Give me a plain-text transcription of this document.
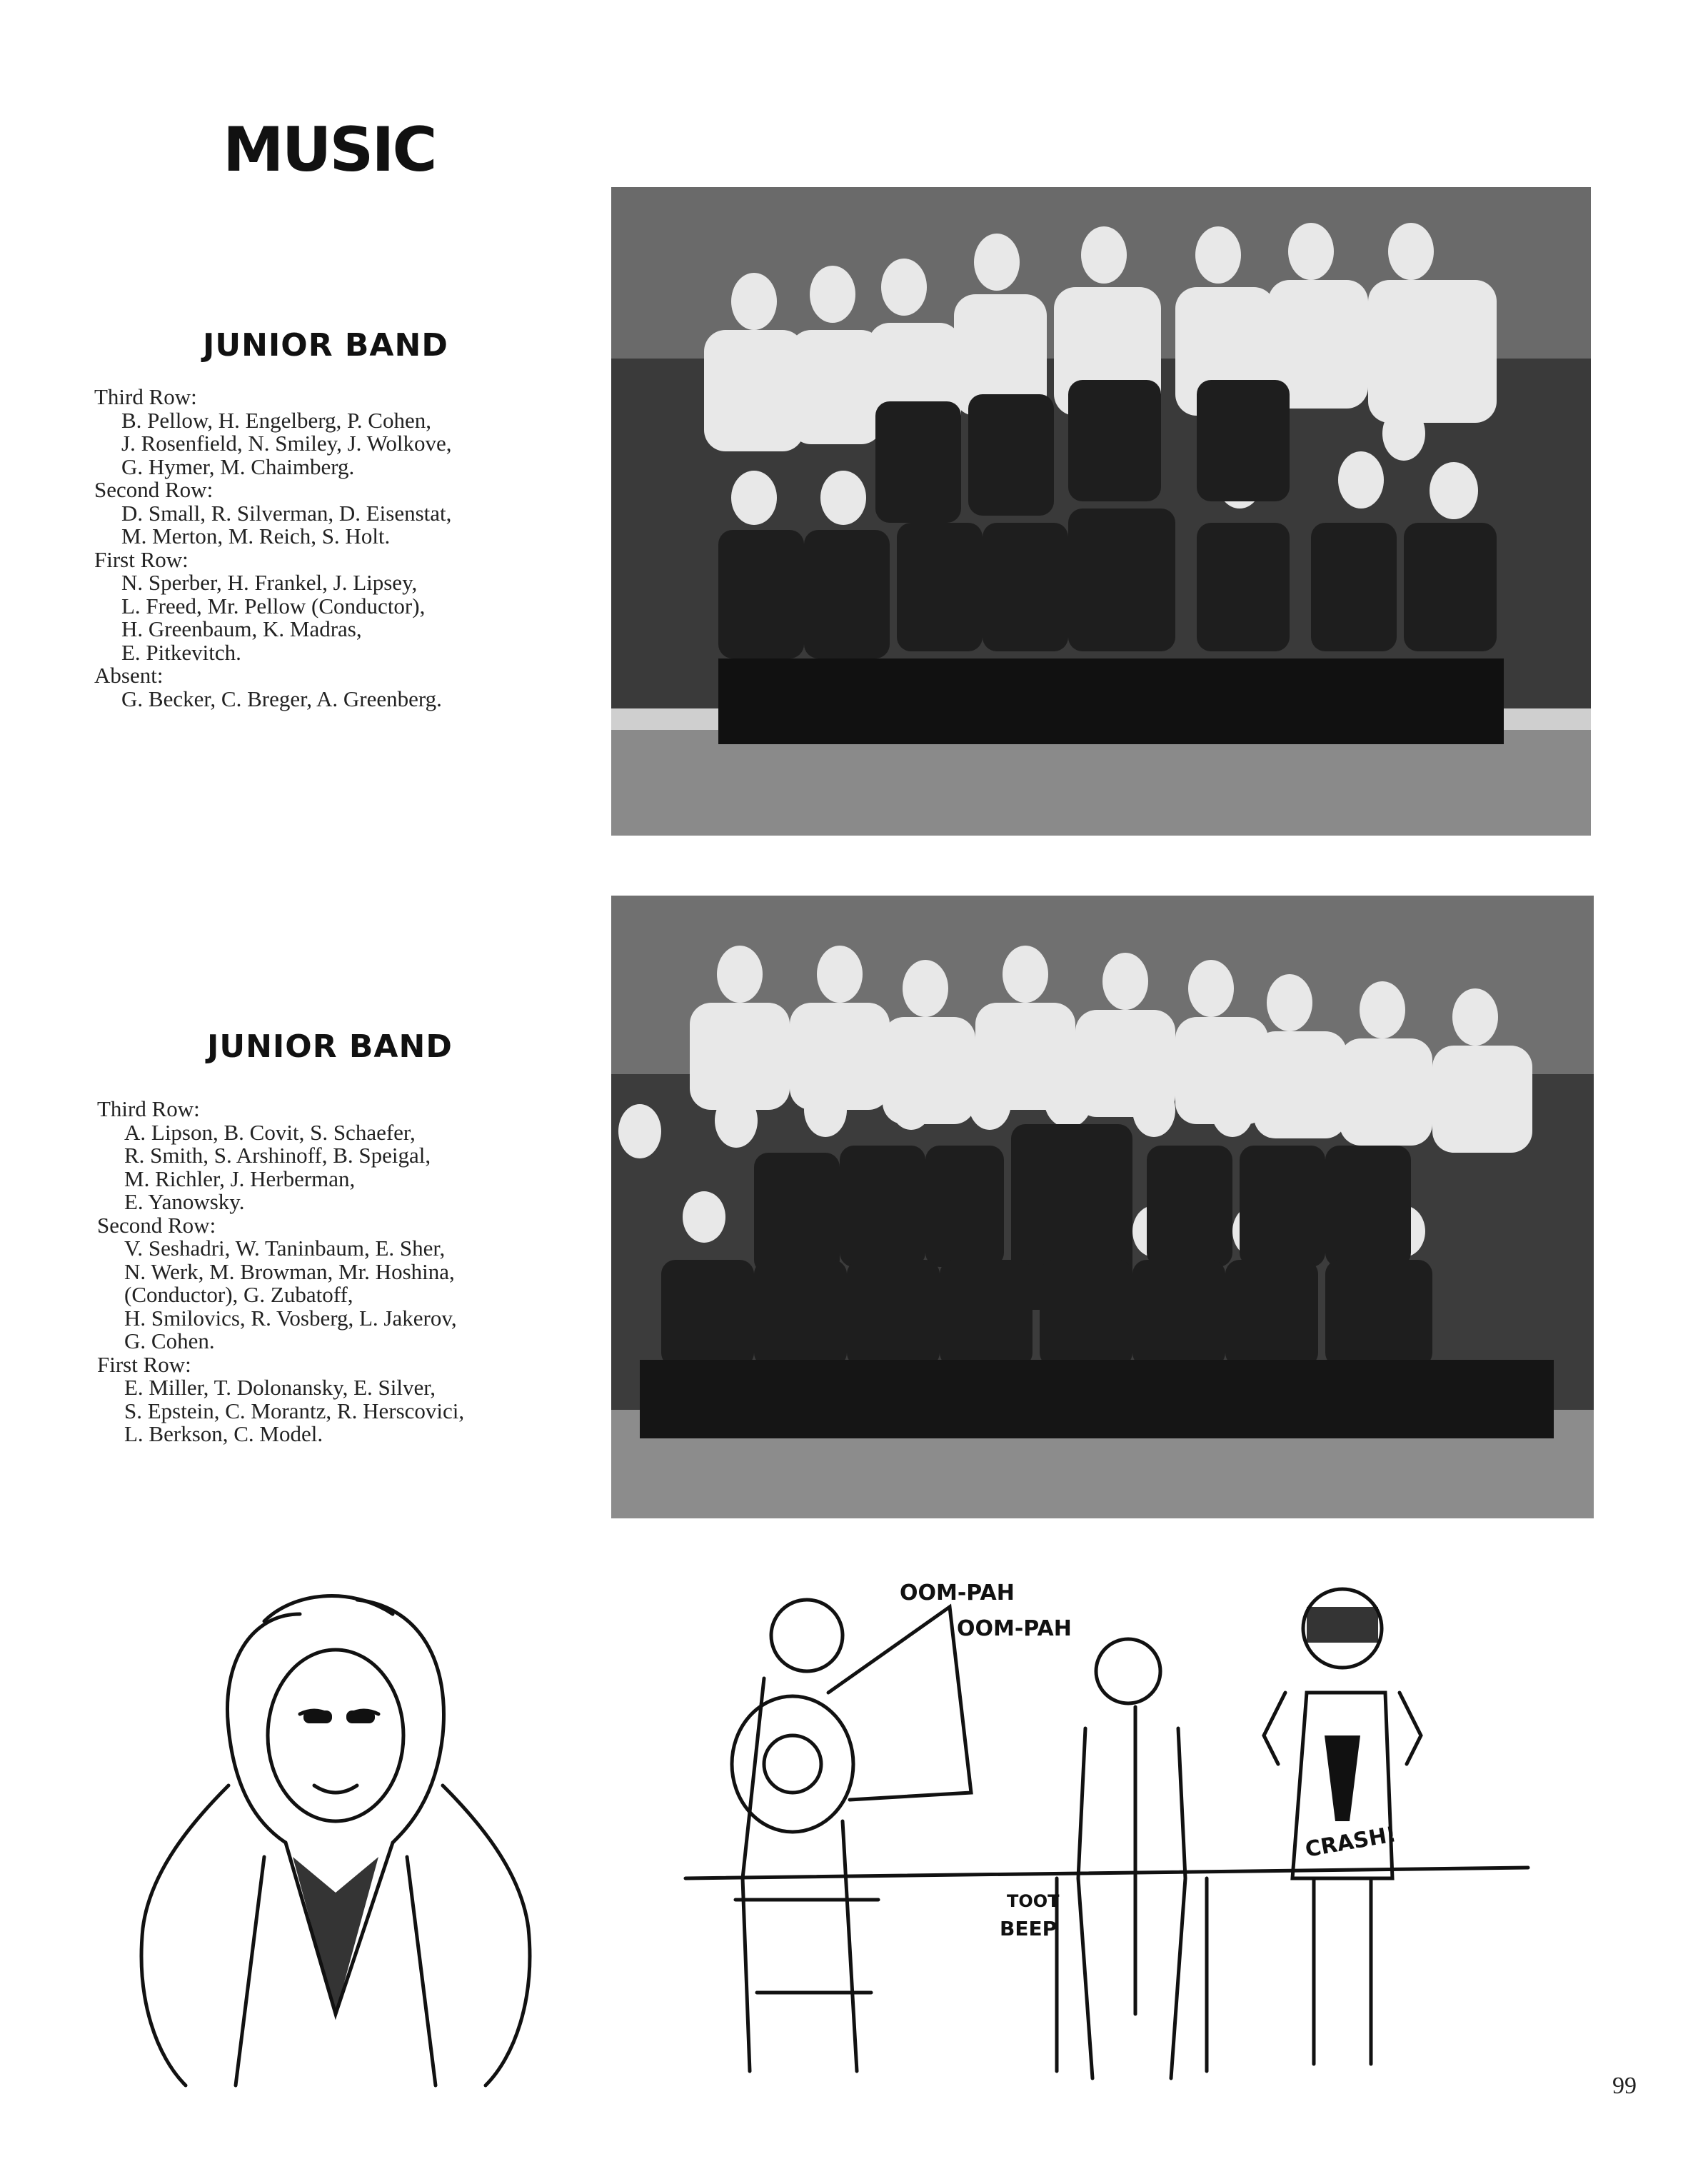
MUSIC
JUNIOR BAND
Third Row:
B. Pellow, H. Engelberg, P. Cohen,
J. Rosenfield, N. Smiley, J. Wolkove,
G. Hymer, M. Chaimberg.
Second Row:
D. Small, R. Silverman, D. Eisenstat,
M. Merton, M. Reich, S. Holt.
First Row:
N. Sperber, H. Frankel, J. Lipsey,
L. Freed, Mr. Pellow (Conductor),
H. Greenbaum, K. Madras,
E. Pitkevitch.
Absent:
G. Becker, C. Breger, A. Greenberg.
JUNIOR BAND
Third Row:
A. Lipson, B. Covit, S. Schaefer,
R. Smith, S. Arshinoff, B. Speigal,
M. Richler, J. Herberman,
E. Yanowsky.
Second Row:
V. Seshadri, W. Taninbaum, E. Sher,
N. Werk, M. Browman, Mr. Hoshina,
(Conductor), G. Zubatoff,
H. Smilovics, R. Vosberg, L. Jakerov,
G. Cohen.
First Row:
E. Miller, T. Dolonansky, E. Silver,
S. Epstein, C. Morantz, R. Herscovici,
L. Berkson, C. Model.
OOM-PAH
OOM-PAH
TOOT
BEEP
CRASH!
99
